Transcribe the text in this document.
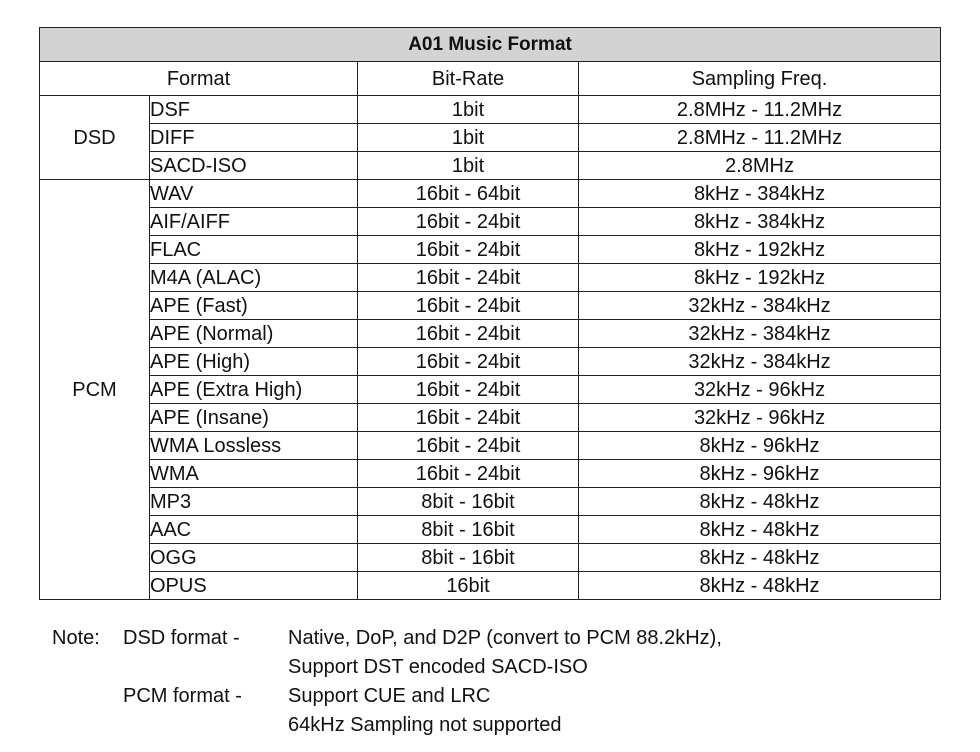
A01 Music Format			
Format		Bit-Rate	Sampling Freq.
DSD	DSF	1bit	2.8MHz - 11.2MHz
	DIFF	1bit	2.8MHz - 11.2MHz
	SACD-ISO	1bit	2.8MHz
PCM	WAV	16bit - 64bit	8kHz - 384kHz
	AIF/AIFF	16bit - 24bit	8kHz - 384kHz
	FLAC	16bit - 24bit	8kHz - 192kHz
	M4A (ALAC)	16bit - 24bit	8kHz - 192kHz
	APE (Fast)	16bit - 24bit	32kHz - 384kHz
	APE (Normal)	16bit - 24bit	32kHz - 384kHz
	APE (High)	16bit - 24bit	32kHz - 384kHz
	APE (Extra High)	16bit - 24bit	32kHz - 96kHz
	APE (Insane)	16bit - 24bit	32kHz - 96kHz
	WMA Lossless	16bit - 24bit	8kHz - 96kHz
	WMA	16bit - 24bit	8kHz - 96kHz
	MP3	8bit - 16bit	8kHz - 48kHz
	AAC	8bit - 16bit	8kHz - 48kHz
	OGG	8bit - 16bit	8kHz - 48kHz
	OPUS	16bit	8kHz - 48kHz
Note: DSD format - Native, DoP, and D2P (convert to PCM 88.2kHz),
Support DST encoded SACD-ISO
PCM format - Support CUE and LRC
64kHz Sampling not supported
